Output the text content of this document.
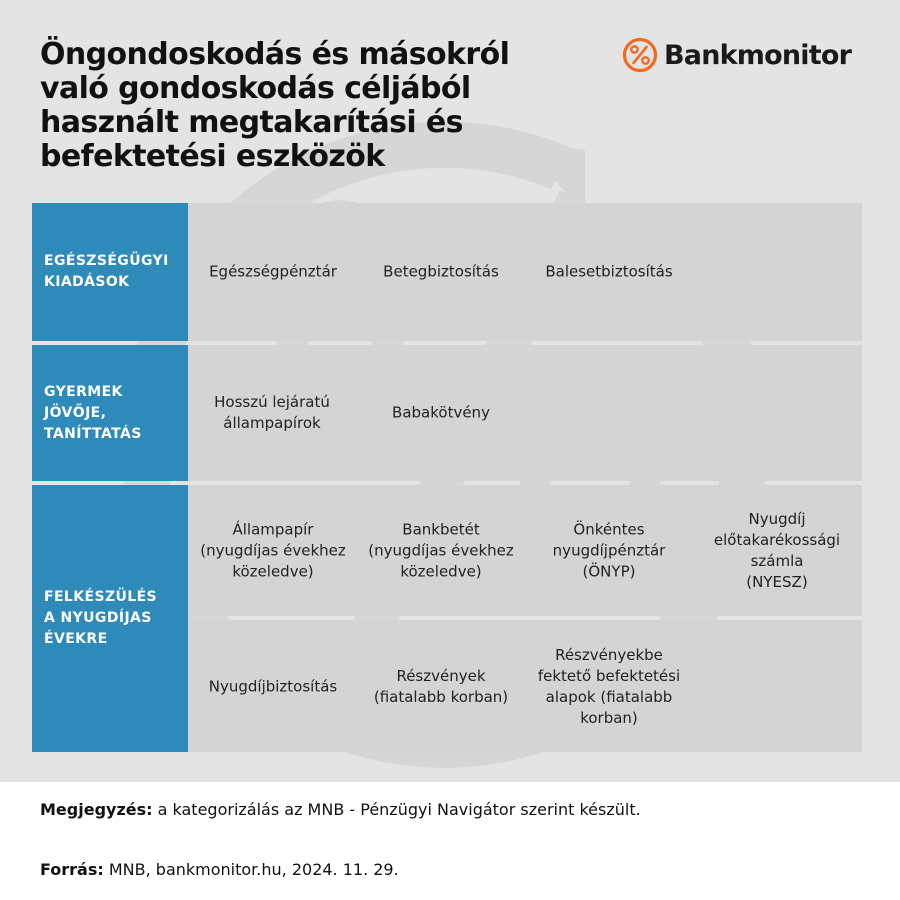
Öngondoskodás és másokról való gondoskodás céljából használt megtakarítási és befektetési eszközök
Bankmonitor
EGÉSZSÉGÜGYI
KIADÁSOK
Egészségpénztár	Betegbiztosítás	Balesetbiztosítás
GYERMEK
JÖVŐJE,
TANÍTTATÁS
Hosszú lejáratú
állampapírok
Babakötvény
FELKÉSZÜLÉS
A NYUGDÍJAS
ÉVEKRE
Állampapír
(nyugdíjas évekhez
közeledve)
Bankbetét
(nyugdíjas évekhez
közeledve)
Önkéntes
nyugdíjpénztár
(ÖNYP)
Nyugdíj
előtakarékossági
számla
(NYESZ)
Nyugdíjbiztosítás
Részvények
(fiatalabb korban)
Részvényekbe
fektető befektetési
alapok (fiatalabb
korban)
Megjegyzés: a kategorizálás az MNB - Pénzügyi Navigátor szerint készült.
Forrás: MNB, bankmonitor.hu, 2024. 11. 29.
